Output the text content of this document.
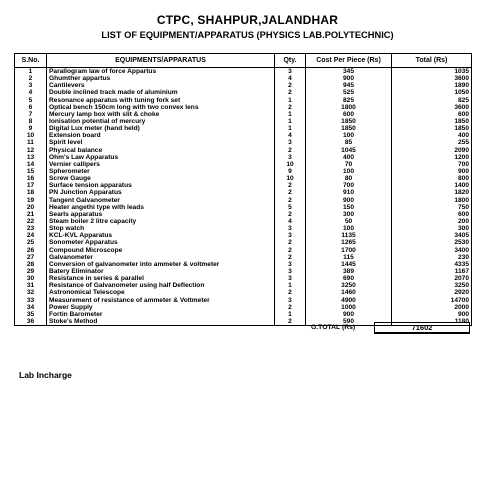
CTPC, SHAHPUR,JALANDHAR
LIST OF EQUIPMENT/APPARATUS (PHYSICS LAB.POLYTECHNIC)
S.No.	EQUIPMENTS/APPARATUS	Qty.	Cost Per Piece (Rs)	Total (Rs)
1	Parallogram law of force Appartus	3	345	1035
2	Ghumther appartus	4	900	3600
3	Cantilevers	2	945	1890
4	Double inclined track made of aluminium	2	525	1050
5	Resonance apparatus with tuning fork set	1	825	825
6	Optical bench 150cm long with two convex lens	2	1800	3600
7	Mercury lamp box with slit & choke	1	600	600
8	Ionisation potential of mercury	1	1850	1850
9	Digital Lux meter (hand held)	1	1850	1850
10	Extension board	4	100	400
11	Spirit level	3	85	255
12	Physical balance	2	1045	2090
13	Ohm's Law Apparatus	3	400	1200
14	Vernier callipers	10	70	700
15	Spherometer	9	100	900
16	Screw Gauge	10	80	800
17	Surface tension apparatus	2	700	1400
18	PN Junction Apparatus	2	910	1820
19	Tangent Galvanometer	2	900	1800
20	Heater angethi type with leads	5	150	750
21	Searls apparatus	2	300	600
22	Steam boiler 2 litre capacity	4	50	200
23	Stop watch	3	100	300
24	KCL-KVL Apparatus	3	1135	3405
25	Sonometer Apparatus	2	1265	2530
26	Compound Microscope	2	1700	3400
27	Galvanometer	2	115	230
28	Conversion of galvanometer into ammeter & voltmeter	3	1445	4335
29	Batery Eliminator	3	389	1167
30	Resistance in series & parallel	3	690	2070
31	Resistance of Galvanometer using half Deflection	1	3250	3250
32	Astronomical Telescope	2	1460	2920
33	Measurement of resistance of ammeter & Voltmeter	3	4900	14700
34	Power Supply	2	1000	2000
35	Fortin Barometer	1	900	900
36	Stoke's Method	2	590	1180
G.TOTAL (Rs)	71602
Lab Incharge
